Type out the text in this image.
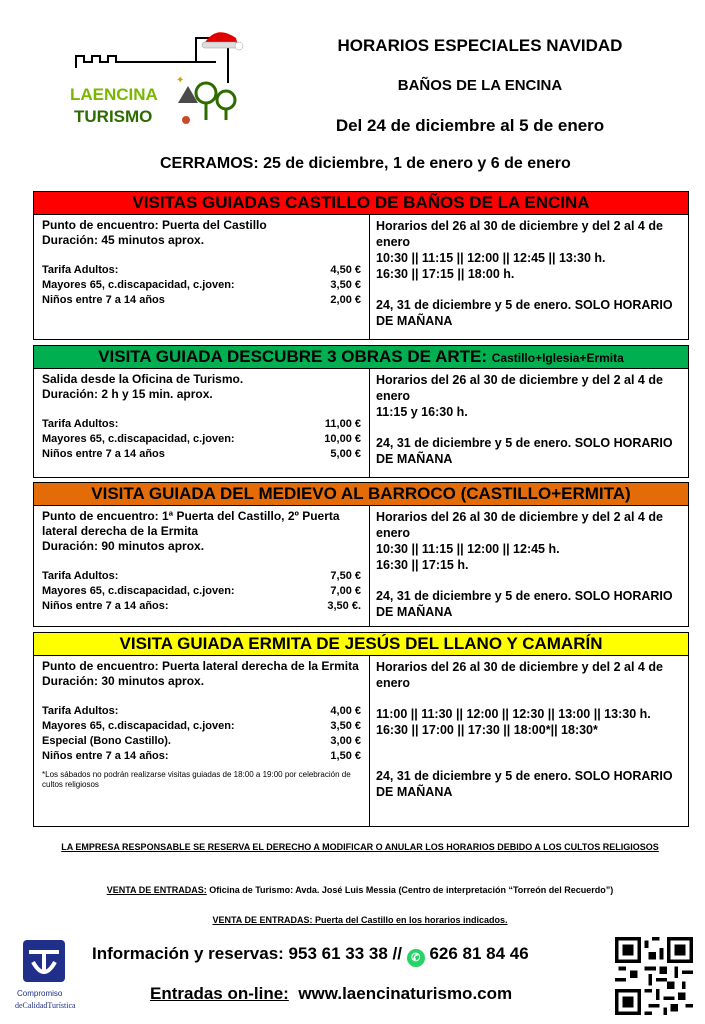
LAENCINA
TURISMO
✦
HORARIOS ESPECIALES NAVIDAD
BAÑOS DE LA ENCINA
Del 24 de diciembre al 5 de enero
CERRAMOS: 25 de diciembre, 1 de enero y 6 de enero
VISITAS GUIADAS CASTILLO DE BAÑOS DE LA ENCINA
Punto de encuentro: Puerta del Castillo
Duración: 45 minutos aprox.
Tarifa Adultos:	4,50 €
Mayores 65, c.discapacidad, c.joven:	3,50 €
Niños entre 7 a 14 años	2,00 €
Horarios del 26 al 30 de diciembre y del 2 al 4 de enero
10:30 || 11:15 || 12:00 || 12:45 || 13:30 h.
16:30 || 17:15 || 18:00 h.
24, 31 de diciembre y 5 de enero. SOLO HORARIO DE MAÑANA
VISITA GUIADA DESCUBRE 3 OBRAS DE ARTE: Castillo+Iglesia+Ermita
Salida desde la Oficina de Turismo.
Duración: 2 h y 15 min. aprox.
Tarifa Adultos:	11,00 €
Mayores 65, c.discapacidad, c.joven:	10,00 €
Niños entre 7 a 14 años	5,00 €
Horarios del 26 al 30 de diciembre y del 2 al 4 de enero
11:15 y 16:30 h.
24, 31 de diciembre y 5 de enero. SOLO HORARIO DE MAÑANA
VISITA GUIADA DEL MEDIEVO AL BARROCO (CASTILLO+ERMITA)
Punto de encuentro: 1ª Puerta del Castillo, 2º Puerta lateral derecha de la Ermita
Duración: 90 minutos aprox.
Tarifa Adultos:	7,50 €
Mayores 65, c.discapacidad, c.joven:	7,00 €
Niños entre 7 a 14 años:	3,50 €.
Horarios del 26 al 30 de diciembre y del 2 al 4 de enero
10:30 || 11:15 || 12:00 || 12:45 h.
16:30 || 17:15 h.
24, 31 de diciembre y 5 de enero. SOLO HORARIO DE MAÑANA
VISITA GUIADA ERMITA DE JESÚS DEL LLANO Y CAMARÍN
Punto de encuentro: Puerta lateral derecha de la Ermita
Duración: 30 minutos aprox.
Tarifa Adultos:	4,00 €
Mayores 65, c.discapacidad, c.joven:	3,50 €
Especial (Bono Castillo).	3,00 €
Niños entre 7 a 14 años:	1,50 €
*Los sábados no podrán realizarse visitas guiadas de 18:00 a 19:00 por celebración de cultos religiosos
Horarios del 26 al 30 de diciembre y del 2 al 4 de enero
11:00 || 11:30 || 12:00 || 12:30 || 13:00 || 13:30 h.
16:30 || 17:00 || 17:30 || 18:00*|| 18:30*
24, 31 de diciembre y 5 de enero. SOLO HORARIO DE MAÑANA
LA EMPRESA RESPONSABLE SE RESERVA EL DERECHO A MODIFICAR O ANULAR LOS HORARIOS DEBIDO A LOS CULTOS RELIGIOSOS
VENTA DE ENTRADAS: Oficina de Turismo: Avda. José Luis Messia (Centro de interpretación “Torreón del Recuerdo”)
VENTA DE ENTRADAS: Puerta del Castillo en los horarios indicados.
Compromiso
deCalidadTurística
Información y reservas: 953 61 33 38 // ✆ 626 81 84 46
Entradas on-line: www.laencinaturismo.com
